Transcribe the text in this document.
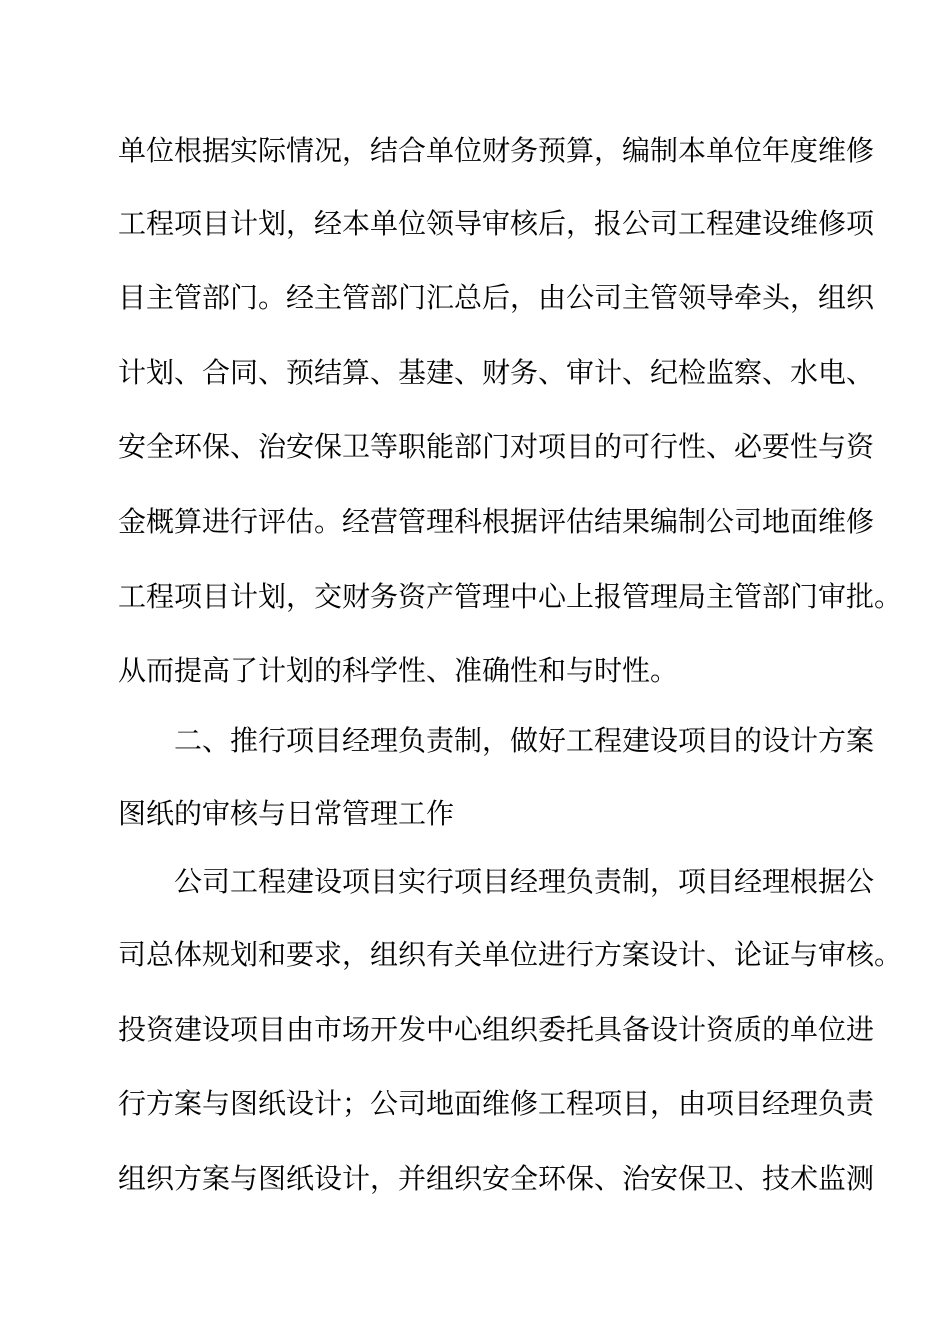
单位根据实际情况，结合单位财务预算，编制本单位年度维修
工程项目计划，经本单位领导审核后，报公司工程建设维修项
目主管部门。经主管部门汇总后，由公司主管领导牵头，组织
计划、合同、预结算、基建、财务、审计、纪检监察、水电、
安全环保、治安保卫等职能部门对项目的可行性、必要性与资
金概算进行评估。经营管理科根据评估结果编制公司地面维修
工程项目计划，交财务资产管理中心上报管理局主管部门审批。
从而提高了计划的科学性、准确性和与时性。
二、推行项目经理负责制，做好工程建设项目的设计方案
图纸的审核与日常管理工作
公司工程建设项目实行项目经理负责制，项目经理根据公
司总体规划和要求，组织有关单位进行方案设计、论证与审核。
投资建设项目由市场开发中心组织委托具备设计资质的单位进
行方案与图纸设计；公司地面维修工程项目，由项目经理负责
组织方案与图纸设计，并组织安全环保、治安保卫、技术监测
